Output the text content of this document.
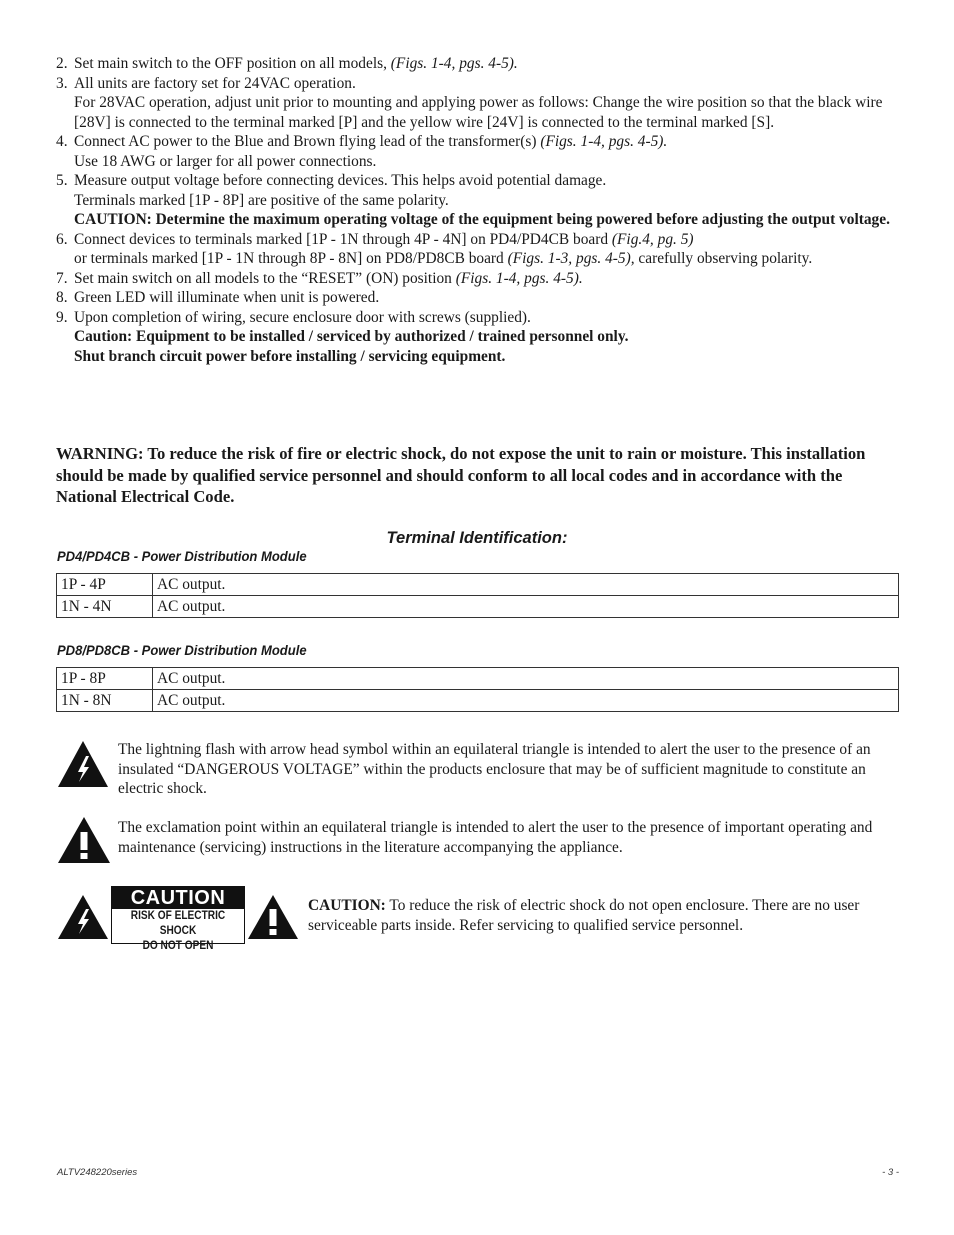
2. Set main switch to the OFF position on all models, (Figs. 1-4, pgs. 4-5).
3. All units are factory set for 24VAC operation.
For 28VAC operation, adjust unit prior to mounting and applying power as follows: Change the wire position so that the black wire [28V] is connected to the terminal marked [P] and the yellow wire [24V] is connected to the terminal marked [S].
4. Connect AC power to the Blue and Brown flying lead of the transformer(s) (Figs. 1-4, pgs. 4-5).
Use 18 AWG or larger for all power connections.
5. Measure output voltage before connecting devices. This helps avoid potential damage.
Terminals marked [1P - 8P] are positive of the same polarity.
CAUTION: Determine the maximum operating voltage of the equipment being powered before adjusting the output voltage.
6. Connect devices to terminals marked [1P - 1N through 4P - 4N] on PD4/PD4CB board (Fig.4, pg. 5)
or terminals marked [1P - 1N through 8P - 8N] on PD8/PD8CB board (Figs. 1-3, pgs. 4-5), carefully observing polarity.
7. Set main switch on all models to the “RESET” (ON) position (Figs. 1-4, pgs. 4-5).
8. Green LED will illuminate when unit is powered.
9. Upon completion of wiring, secure enclosure door with screws (supplied).
Caution: Equipment to be installed / serviced by authorized / trained personnel only.
Shut branch circuit power before installing / servicing equipment.
WARNING: To reduce the risk of fire or electric shock, do not expose the unit to rain or moisture. This installation should be made by qualified service personnel and should conform to all local codes and in accordance with the National Electrical Code.
Terminal Identification:
PD4/PD4CB - Power Distribution Module
1P - 4P	AC output.
1N - 4N	AC output.
PD8/PD8CB - Power Distribution Module
1P - 8P	AC output.
1N - 8N	AC output.
The lightning flash with arrow head symbol within an equilateral triangle is intended to alert the user to the presence of an insulated “DANGEROUS VOLTAGE” within the products enclosure that may be of sufficient magnitude to constitute an electric shock.
The exclamation point within an equilateral triangle is intended to alert the user to the presence of important operating and maintenance (servicing) instructions in the literature accompanying the appliance.
CAUTION
RISK OF ELECTRIC SHOCK
DO NOT OPEN
CAUTION: To reduce the risk of electric shock do not open enclosure. There are no user serviceable parts inside. Refer servicing to qualified service personnel.
ALTV248220series	- 3 -
